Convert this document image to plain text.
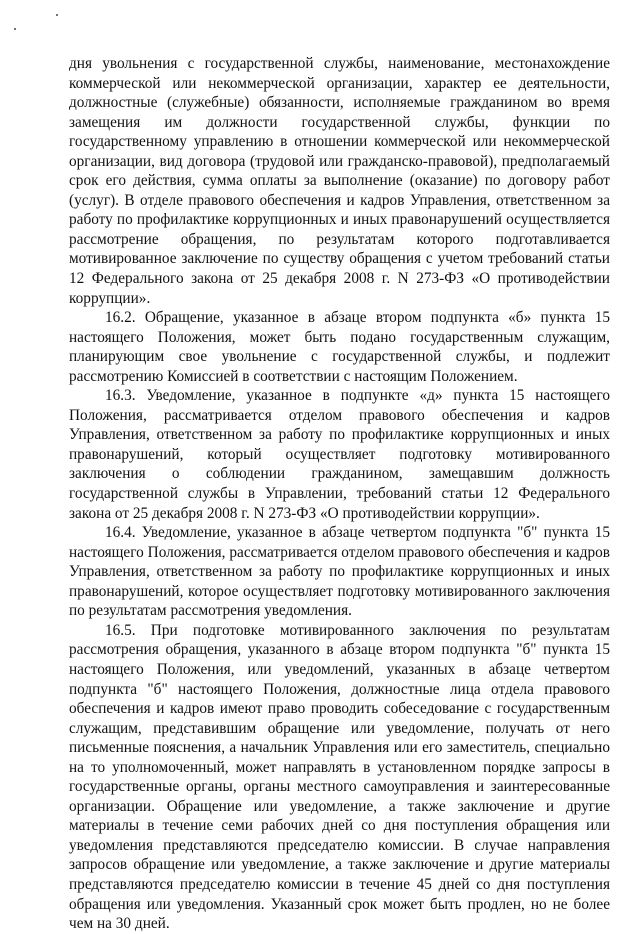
дня увольнения с государственной службы, наименование, местонахождение коммерческой или некоммерческой организации, характер ее деятельности, должностные (служебные) обязанности, исполняемые гражданином во время замещения им должности государственной службы, функции по государственному управлению в отношении коммерческой или некоммерческой организации, вид договора (трудовой или гражданско-правовой), предполагаемый срок его действия, сумма оплаты за выполнение (оказание) по договору работ (услуг). В отделе правового обеспечения и кадров Управления, ответственном за работу по профилактике коррупционных и иных правонарушений осуществляется рассмотрение обращения, по результатам которого подготавливается мотивированное заключение по существу обращения с учетом требований статьи 12 Федерального закона от 25 декабря 2008 г. N 273-ФЗ «О противодействии коррупции».

16.2. Обращение, указанное в абзаце втором подпункта «б» пункта 15 настоящего Положения, может быть подано государственным служащим, планирующим свое увольнение с государственной службы, и подлежит рассмотрению Комиссией в соответствии с настоящим Положением.

16.3. Уведомление, указанное в подпункте «д» пункта 15 настоящего Положения, рассматривается отделом правового обеспечения и кадров Управления, ответственном за работу по профилактике коррупционных и иных правонарушений, который осуществляет подготовку мотивированного заключения о соблюдении гражданином, замещавшим должность государственной службы в Управлении, требований статьи 12 Федерального закона от 25 декабря 2008 г. N 273-ФЗ «О противодействии коррупции».

16.4. Уведомление, указанное в абзаце четвертом подпункта "б" пункта 15 настоящего Положения, рассматривается отделом правового обеспечения и кадров Управления, ответственном за работу по профилактике коррупционных и иных правонарушений, которое осуществляет подготовку мотивированного заключения по результатам рассмотрения уведомления.

16.5. При подготовке мотивированного заключения по результатам рассмотрения обращения, указанного в абзаце втором подпункта "б" пункта 15 настоящего Положения, или уведомлений, указанных в абзаце четвертом подпункта "б" настоящего Положения, должностные лица отдела правового обеспечения и кадров имеют право проводить собеседование с государственным служащим, представившим обращение или уведомление, получать от него письменные пояснения, а начальник Управления или его заместитель, специально на то уполномоченный, может направлять в установленном порядке запросы в государственные органы, органы местного самоуправления и заинтересованные организации. Обращение или уведомление, а также заключение и другие материалы в течение семи рабочих дней со дня поступления обращения или уведомления представляются председателю комиссии. В случае направления запросов обращение или уведомление, а также заключение и другие материалы представляются председателю комиссии в течение 45 дней со дня поступления обращения или уведомления. Указанный срок может быть продлен, но не более чем на 30 дней.
